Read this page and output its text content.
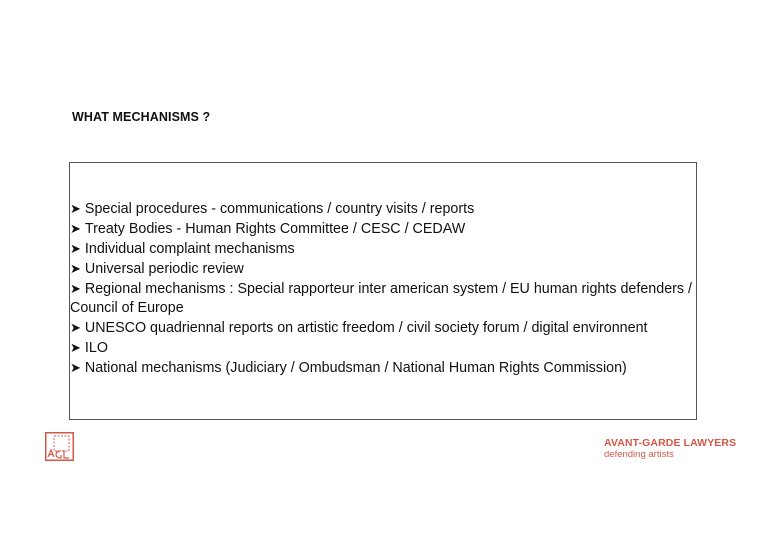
WHAT MECHANISMS ?
➤ Special procedures - communications / country visits / reports
➤ Treaty Bodies - Human Rights Committee / CESC / CEDAW
➤ Individual complaint mechanisms
➤ Universal periodic review
➤ Regional mechanisms : Special rapporteur inter american system / EU human rights defenders / Council of Europe
➤ UNESCO quadriennal reports on artistic freedom / civil society forum / digital environnent
➤ ILO
➤ National mechanisms (Judiciary / Ombudsman / National Human Rights Commission)
AVANT-GARDE LAWYERS
defending artists
